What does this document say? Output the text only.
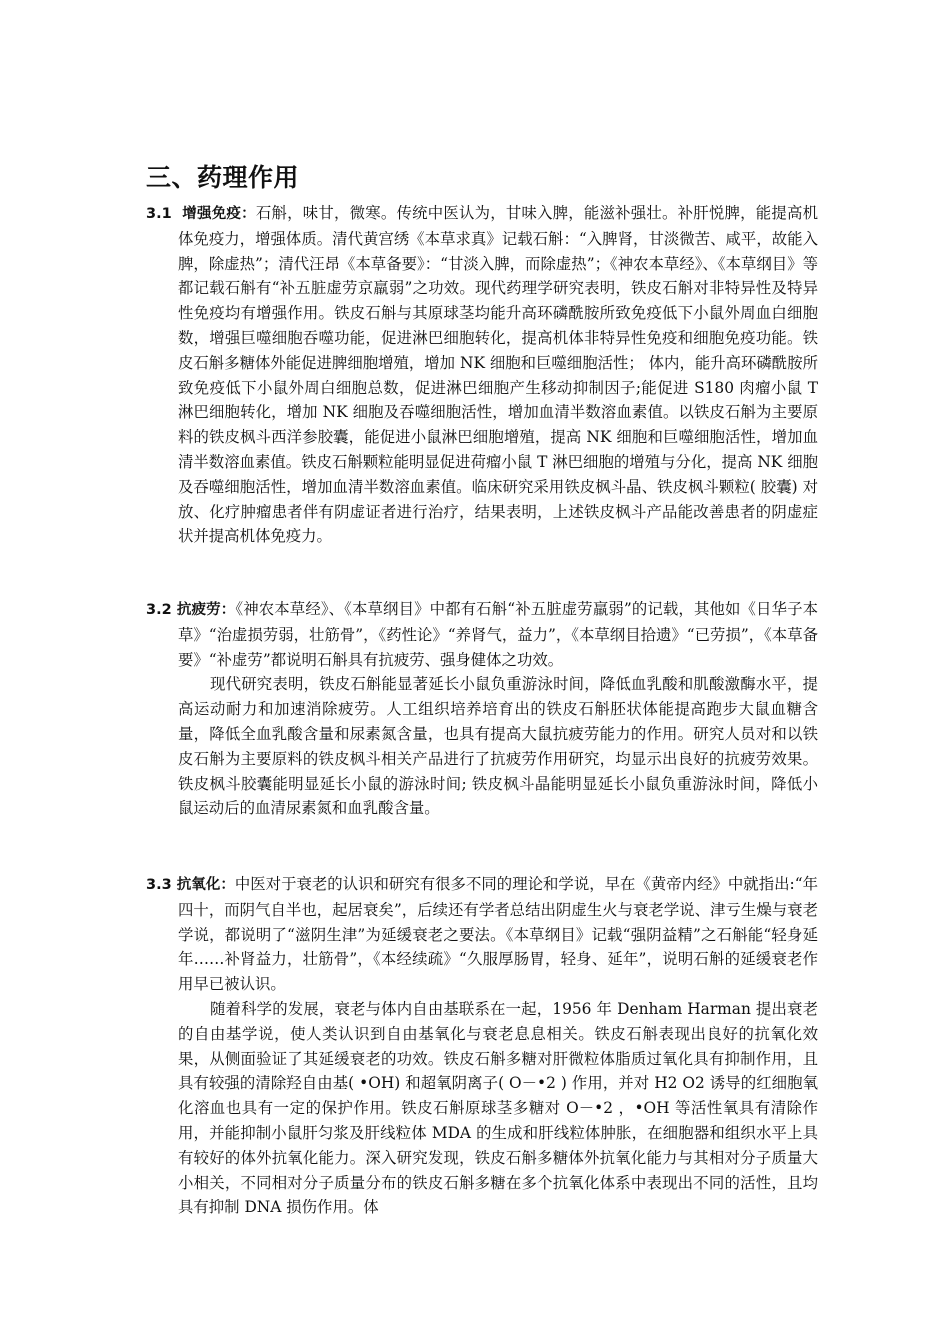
三、药理作用

3.1 增强免疫：石斛，味甘，微寒。传统中医认为，甘味入脾，能滋补强壮。补肝悦脾，能提高机体免疫力，增强体质。清代黄宫绣《本草求真》记载石斛：“入脾肾，甘淡微苦、咸平，故能入脾，除虚热”；清代汪昂《本草备要》：“甘淡入脾，而除虚热”；《神农本草经》、《本草纲目》等都记载石斛有“补五脏虚劳京羸弱”之功效。现代药理学研究表明，铁皮石斛对非特异性及特异性免疫均有增强作用。铁皮石斛与其原球茎均能升高环磷酰胺所致免疫低下小鼠外周血白细胞数，增强巨噬细胞吞噬功能，促进淋巴细胞转化，提高机体非特异性免疫和细胞免疫功能。铁皮石斛多糖体外能促进脾细胞增殖，增加 NK 细胞和巨噬细胞活性； 体内，能升高环磷酰胺所致免疫低下小鼠外周白细胞总数，促进淋巴细胞产生移动抑制因子;能促进 S180 肉瘤小鼠 T 淋巴细胞转化，增加 NK 细胞及吞噬细胞活性，增加血清半数溶血素值。以铁皮石斛为主要原料的铁皮枫斗西洋参胶囊，能促进小鼠淋巴细胞增殖，提高 NK 细胞和巨噬细胞活性，增加血清半数溶血素值。铁皮石斛颗粒能明显促进荷瘤小鼠 T 淋巴细胞的增殖与分化，提高 NK 细胞及吞噬细胞活性，增加血清半数溶血素值。临床研究采用铁皮枫斗晶、铁皮枫斗颗粒( 胶囊) 对放、化疗肿瘤患者伴有阴虚证者进行治疗，结果表明，上述铁皮枫斗产品能改善患者的阴虚症状并提高机体免疫力。

3.2 抗疲劳：《神农本草经》、《本草纲目》中都有石斛“补五脏虚劳羸弱”的记载，其他如《日华子本草》“治虚损劳弱，壮筋骨”，《药性论》“养肾气，益力”，《本草纲目拾遗》“已劳损”，《本草备要》“补虚劳”都说明石斛具有抗疲劳、强身健体之功效。

现代研究表明，铁皮石斛能显著延长小鼠负重游泳时间，降低血乳酸和肌酸激酶水平，提高运动耐力和加速消除疲劳。人工组织培养培育出的铁皮石斛胚状体能提高跑步大鼠血糖含量，降低全血乳酸含量和尿素氮含量，也具有提高大鼠抗疲劳能力的作用。研究人员对和以铁皮石斛为主要原料的铁皮枫斗相关产品进行了抗疲劳作用研究，均显示出良好的抗疲劳效果。铁皮枫斗胶囊能明显延长小鼠的游泳时间; 铁皮枫斗晶能明显延长小鼠负重游泳时间，降低小鼠运动后的血清尿素氮和血乳酸含量。

3.3 抗氧化：中医对于衰老的认识和研究有很多不同的理论和学说，早在《黄帝内经》中就指出:“年四十，而阴气自半也，起居衰矣”，后续还有学者总结出阴虚生火与衰老学说、津亏生燥与衰老学说，都说明了“滋阴生津”为延缓衰老之要法。《本草纲目》记载“强阴益精”之石斛能“轻身延年……补肾益力，壮筋骨”，《本经续疏》“久服厚肠胃，轻身、延年”，说明石斛的延缓衰老作用早已被认识。

随着科学的发展，衰老与体内自由基联系在一起，1956 年 Denham Harman 提出衰老的自由基学说，使人类认识到自由基氧化与衰老息息相关。铁皮石斛表现出良好的抗氧化效果，从侧面验证了其延缓衰老的功效。铁皮石斛多糖对肝微粒体脂质过氧化具有抑制作用，且具有较强的清除羟自由基( •OH) 和超氧阴离子( O－•2 ) 作用，并对 H2 O2 诱导的红细胞氧化溶血也具有一定的保护作用。铁皮石斛原球茎多糖对 O－•2 ，•OH 等活性氧具有清除作用，并能抑制小鼠肝匀浆及肝线粒体 MDA 的生成和肝线粒体肿胀，在细胞器和组织水平上具有较好的体外抗氧化能力。深入研究发现，铁皮石斛多糖体外抗氧化能力与其相对分子质量大小相关，不同相对分子质量分布的铁皮石斛多糖在多个抗氧化体系中表现出不同的活性，且均具有抑制 DNA 损伤作用。体
